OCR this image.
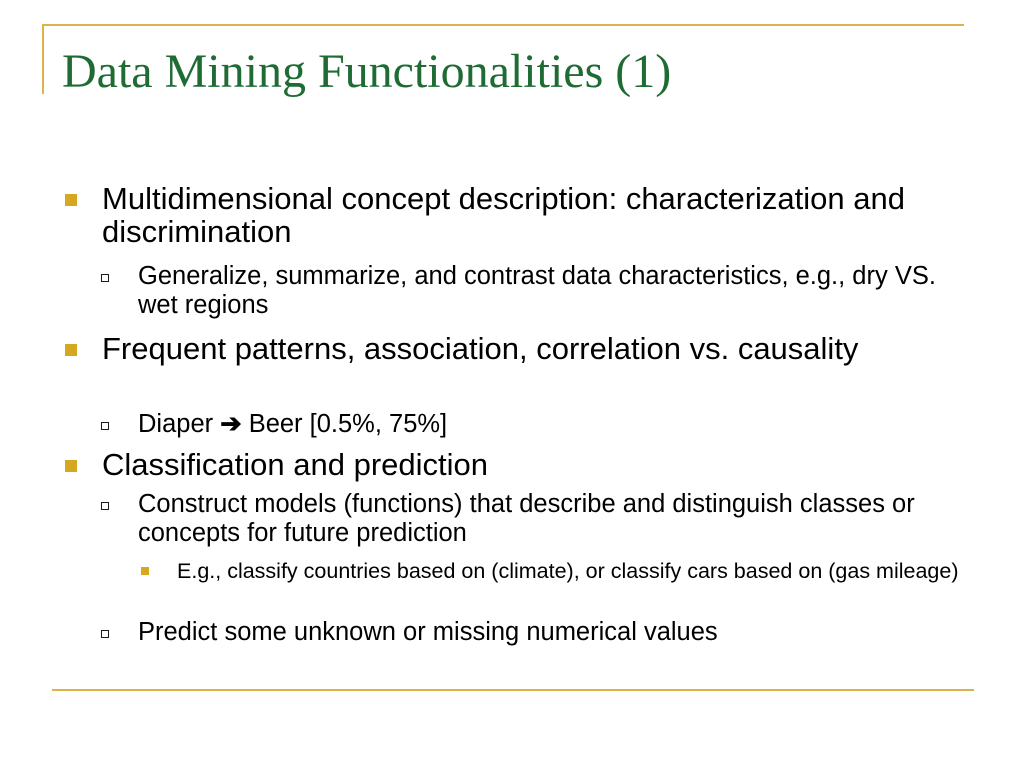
Data Mining Functionalities (1)
Multidimensional concept description: characterization and discrimination
Generalize, summarize, and contrast data characteristics, e.g., dry VS. wet regions
Frequent patterns, association, correlation vs. causality
Diaper ➔ Beer [0.5%, 75%]
Classification and prediction
Construct models (functions) that describe and distinguish classes or concepts for future prediction
E.g., classify countries based on (climate), or classify cars based on (gas mileage)
Predict some unknown or missing numerical values
